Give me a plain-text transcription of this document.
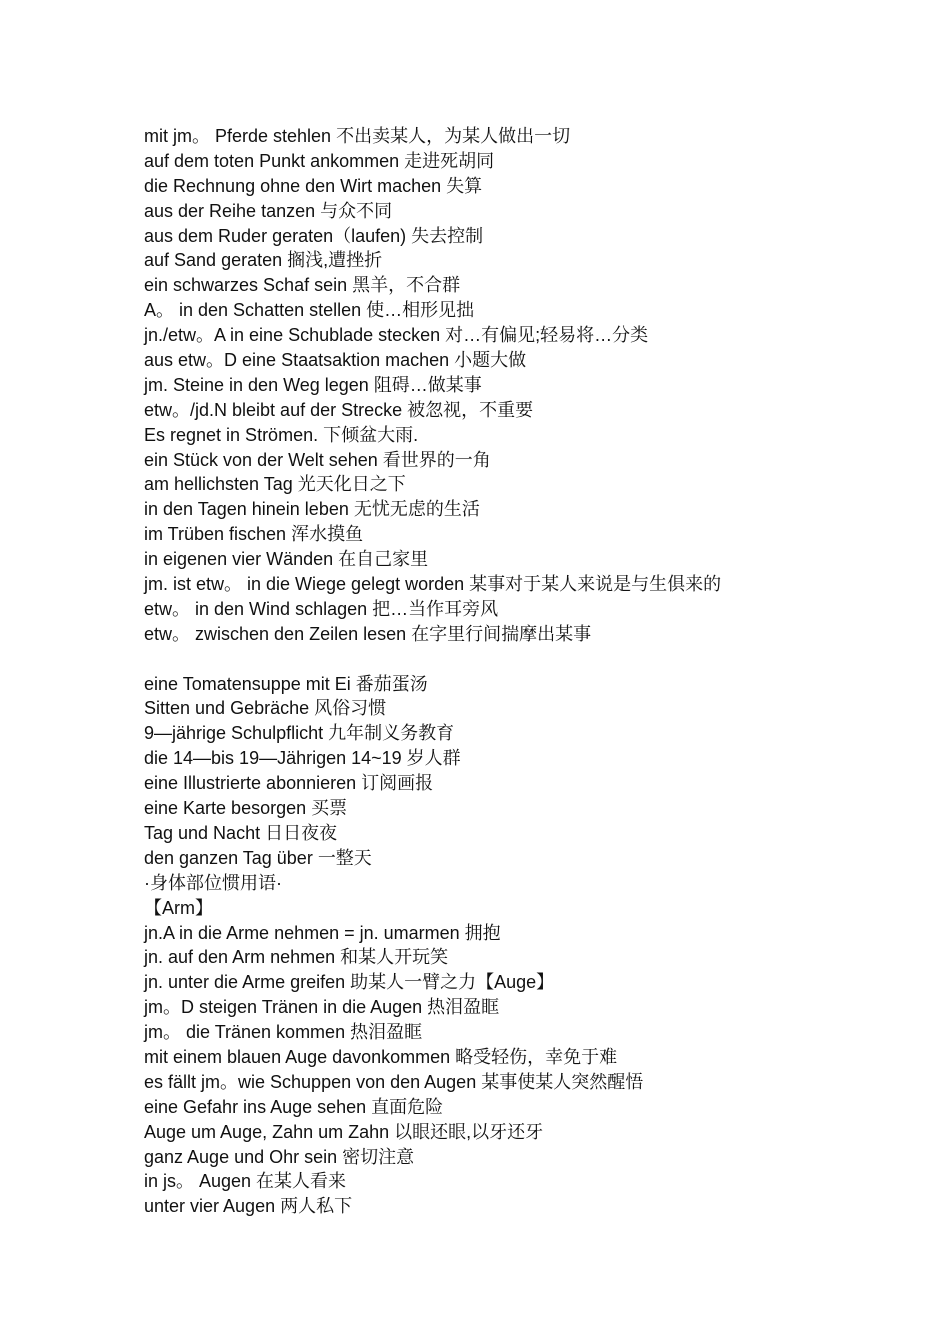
mit jm。 Pferde stehlen 不出卖某人，为某人做出一切
auf dem toten Punkt ankommen 走进死胡同
die Rechnung ohne den Wirt machen 失算
aus der Reihe tanzen 与众不同
aus dem Ruder geraten（laufen) 失去控制
auf Sand geraten 搁浅,遭挫折
ein schwarzes Schaf sein 黑羊，不合群
A。 in den Schatten stellen 使…相形见拙
jn./etw。A in eine Schublade stecken 对…有偏见;轻易将…分类
aus etw。D eine Staatsaktion machen 小题大做
jm. Steine in den Weg legen 阻碍…做某事
etw。/jd.N bleibt auf der Strecke 被忽视，不重要
Es regnet in Strömen. 下倾盆大雨.
ein Stück von der Welt sehen 看世界的一角
am hellichsten Tag 光天化日之下
in den Tagen hinein leben 无忧无虑的生活
im Trüben fischen 浑水摸鱼
in eigenen vier Wänden 在自己家里
jm. ist etw。 in die Wiege gelegt worden 某事对于某人来说是与生俱来的
etw。 in den Wind schlagen 把…当作耳旁风
etw。 zwischen den Zeilen lesen 在字里行间揣摩出某事
eine Tomatensuppe mit Ei 番茄蛋汤
Sitten und Gebräche 风俗习惯
9—jährige Schulpflicht 九年制义务教育
die 14—bis 19—Jährigen 14~19 岁人群
eine Illustrierte abonnieren 订阅画报
eine Karte besorgen 买票
Tag und Nacht 日日夜夜
den ganzen Tag über 一整天
·身体部位惯用语·
【Arm】
jn.A in die Arme nehmen = jn. umarmen 拥抱
jn. auf den Arm nehmen 和某人开玩笑
jn. unter die Arme greifen 助某人一臂之力【Auge】
jm。D steigen Tränen in die Augen 热泪盈眶
jm。 die Tränen kommen 热泪盈眶
mit einem blauen Auge davonkommen 略受轻伤，幸免于难
es fällt jm。wie Schuppen von den Augen 某事使某人突然醒悟
eine Gefahr ins Auge sehen 直面危险
Auge um Auge, Zahn um Zahn 以眼还眼,以牙还牙
ganz Auge und Ohr sein 密切注意
in js。 Augen 在某人看来
unter vier Augen 两人私下
